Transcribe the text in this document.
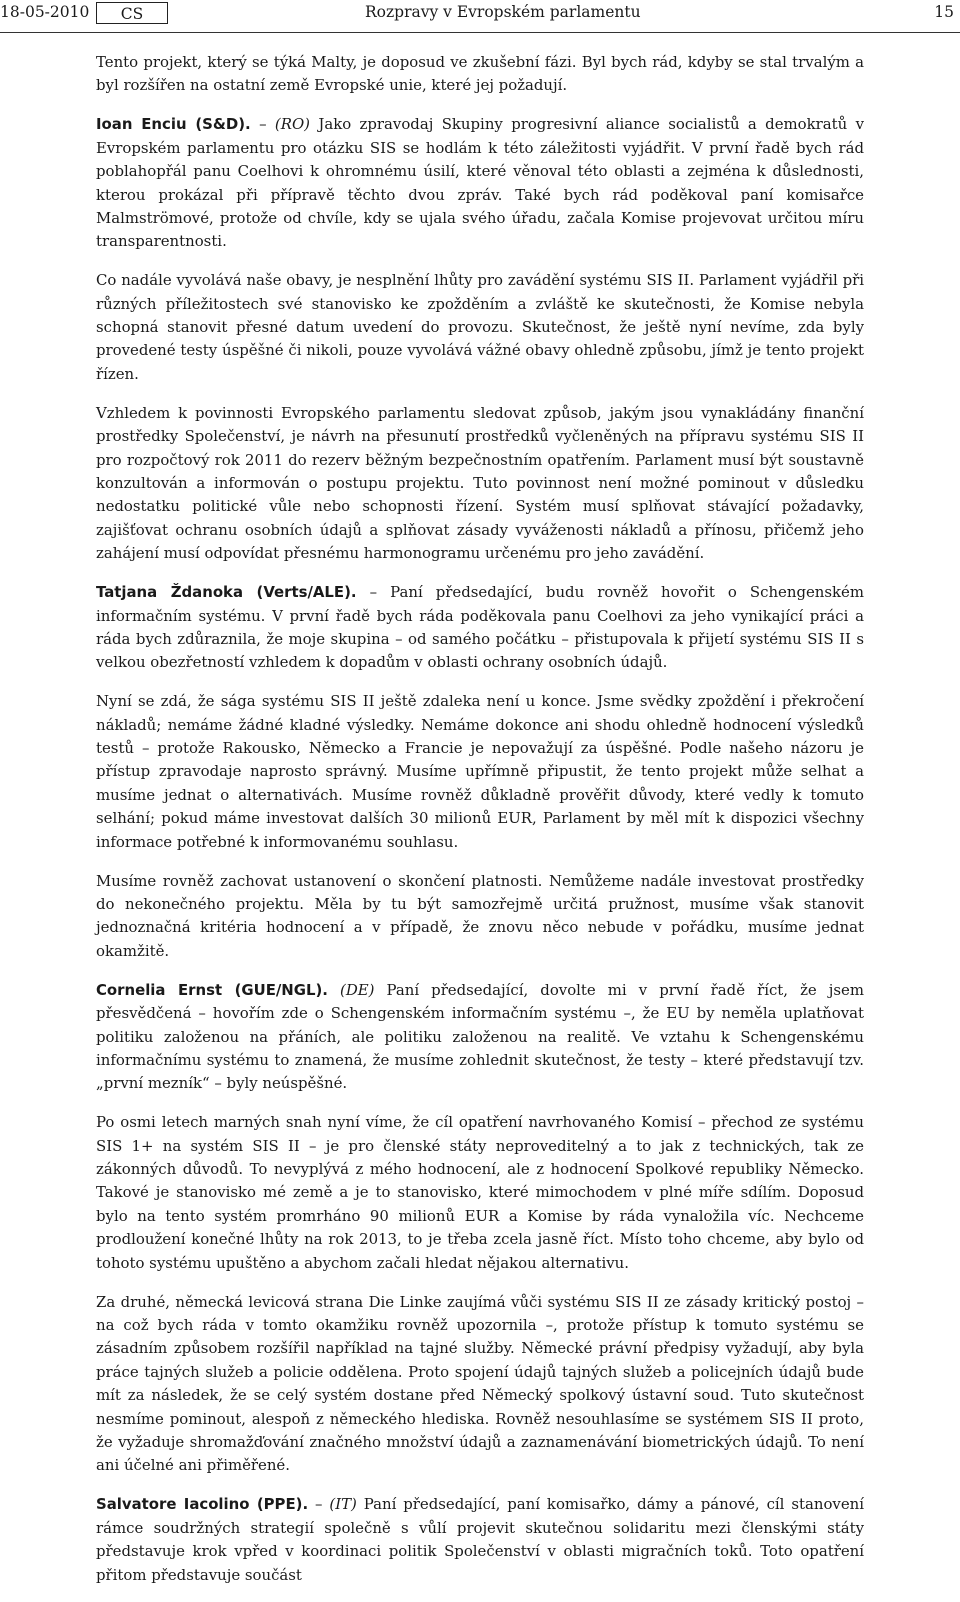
18-05-2010	CS	Rozpravy v Evropském parlamentu	15

Tento projekt, který se týká Malty, je doposud ve zkušební fázi. Byl bych rád, kdyby se stal trvalým a byl rozšířen na ostatní země Evropské unie, které jej požadují.

Ioan Enciu (S&D). – (RO) Jako zpravodaj Skupiny progresivní aliance socialistů a demokratů v Evropském parlamentu pro otázku SIS se hodlám k této záležitosti vyjádřit. V první řadě bych rád poblahopřál panu Coelhovi k ohromnému úsilí, které věnoval této oblasti a zejména k důslednosti, kterou prokázal při přípravě těchto dvou zpráv. Také bych rád poděkoval paní komisařce Malmströmové, protože od chvíle, kdy se ujala svého úřadu, začala Komise projevovat určitou míru transparentnosti.

Co nadále vyvolává naše obavy, je nesplnění lhůty pro zavádění systému SIS II. Parlament vyjádřil při různých příležitostech své stanovisko ke zpožděním a zvláště ke skutečnosti, že Komise nebyla schopná stanovit přesné datum uvedení do provozu. Skutečnost, že ještě nyní nevíme, zda byly provedené testy úspěšné či nikoli, pouze vyvolává vážné obavy ohledně způsobu, jímž je tento projekt řízen.

Vzhledem k povinnosti Evropského parlamentu sledovat způsob, jakým jsou vynakládány finanční prostředky Společenství, je návrh na přesunutí prostředků vyčleněných na přípravu systému SIS II pro rozpočtový rok 2011 do rezerv běžným bezpečnostním opatřením. Parlament musí být soustavně konzultován a informován o postupu projektu. Tuto povinnost není možné pominout v důsledku nedostatku politické vůle nebo schopnosti řízení. Systém musí splňovat stávající požadavky, zajišťovat ochranu osobních údajů a splňovat zásady vyváženosti nákladů a přínosu, přičemž jeho zahájení musí odpovídat přesnému harmonogramu určenému pro jeho zavádění.

Tatjana Ždanoka (Verts/ALE). – Paní předsedající, budu rovněž hovořit o Schengenském informačním systému. V první řadě bych ráda poděkovala panu Coelhovi za jeho vynikající práci a ráda bych zdůraznila, že moje skupina – od samého počátku – přistupovala k přijetí systému SIS II s velkou obezřetností vzhledem k dopadům v oblasti ochrany osobních údajů.

Nyní se zdá, že sága systému SIS II ještě zdaleka není u konce. Jsme svědky zpoždění i překročení nákladů; nemáme žádné kladné výsledky. Nemáme dokonce ani shodu ohledně hodnocení výsledků testů – protože Rakousko, Německo a Francie je nepovažují za úspěšné. Podle našeho názoru je přístup zpravodaje naprosto správný. Musíme upřímně připustit, že tento projekt může selhat a musíme jednat o alternativách. Musíme rovněž důkladně prověřit důvody, které vedly k tomuto selhání; pokud máme investovat dalších 30 milionů EUR, Parlament by měl mít k dispozici všechny informace potřebné k informovanému souhlasu.

Musíme rovněž zachovat ustanovení o skončení platnosti. Nemůžeme nadále investovat prostředky do nekonečného projektu. Měla by tu být samozřejmě určitá pružnost, musíme však stanovit jednoznačná kritéria hodnocení a v případě, že znovu něco nebude v pořádku, musíme jednat okamžitě.

Cornelia Ernst (GUE/NGL). (DE) Paní předsedající, dovolte mi v první řadě říct, že jsem přesvědčená – hovořím zde o Schengenském informačním systému –, že EU by neměla uplatňovat politiku založenou na přáních, ale politiku založenou na realitě. Ve vztahu k Schengenskému informačnímu systému to znamená, že musíme zohlednit skutečnost, že testy – které představují tzv. „první mezník“ – byly neúspěšné.

Po osmi letech marných snah nyní víme, že cíl opatření navrhovaného Komisí – přechod ze systému SIS 1+ na systém SIS II – je pro členské státy neproveditelný a to jak z technických, tak ze zákonných důvodů. To nevyplývá z mého hodnocení, ale z hodnocení Spolkové republiky Německo. Takové je stanovisko mé země a je to stanovisko, které mimochodem v plné míře sdílím. Doposud bylo na tento systém promrháno 90 milionů EUR a Komise by ráda vynaložila víc. Nechceme prodloužení konečné lhůty na rok 2013, to je třeba zcela jasně říct. Místo toho chceme, aby bylo od tohoto systému upuštěno a abychom začali hledat nějakou alternativu.

Za druhé, německá levicová strana Die Linke zaujímá vůči systému SIS II ze zásady kritický postoj – na což bych ráda v tomto okamžiku rovněž upozornila –, protože přístup k tomuto systému se zásadním způsobem rozšířil například na tajné služby. Německé právní předpisy vyžadují, aby byla práce tajných služeb a policie oddělena. Proto spojení údajů tajných služeb a policejních údajů bude mít za následek, že se celý systém dostane před Německý spolkový ústavní soud. Tuto skutečnost nesmíme pominout, alespoň z německého hlediska. Rovněž nesouhlasíme se systémem SIS II proto, že vyžaduje shromažďování značného množství údajů a zaznamenávání biometrických údajů. To není ani účelné ani přiměřené.

Salvatore Iacolino (PPE). – (IT) Paní předsedající, paní komisařko, dámy a pánové, cíl stanovení rámce soudržných strategií společně s vůlí projevit skutečnou solidaritu mezi členskými státy představuje krok vpřed v koordinaci politik Společenství v oblasti migračních toků. Toto opatření přitom představuje součást
